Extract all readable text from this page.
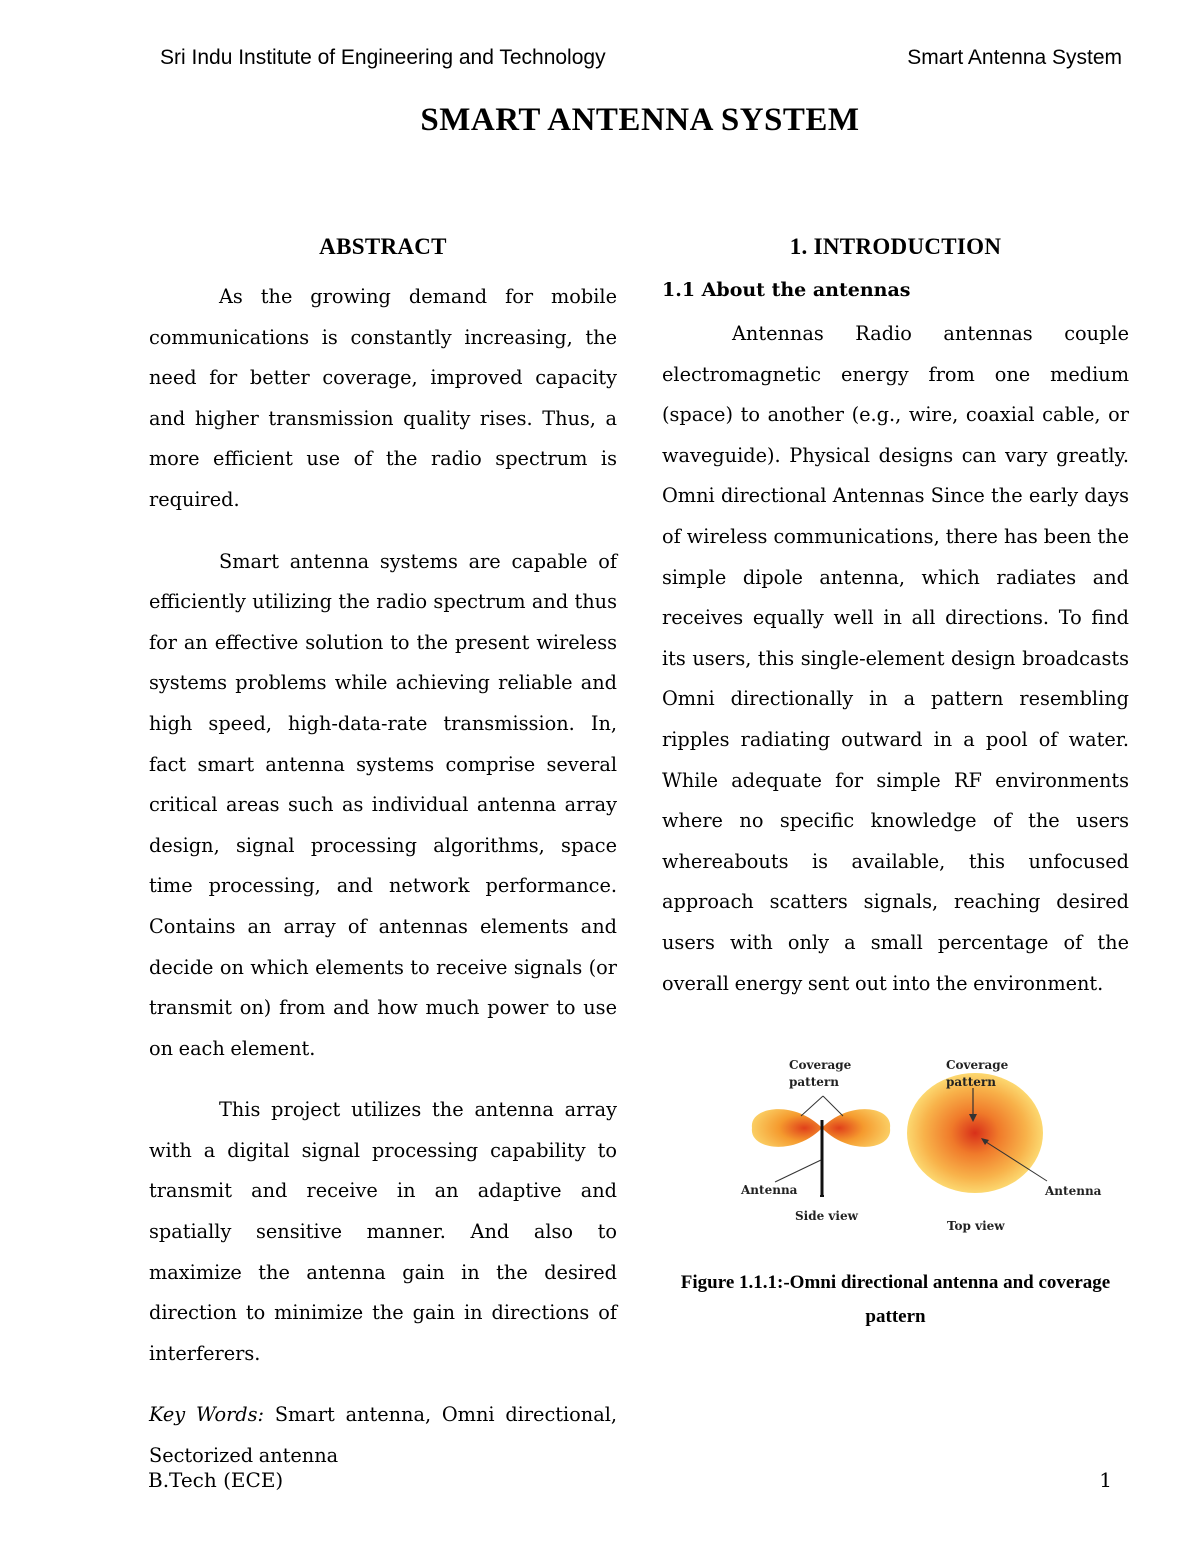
Sri Indu Institute of Engineering and Technology	Smart Antenna System
SMART ANTENNA SYSTEM
ABSTRACT

As the growing demand for mobile communications is constantly increasing, the need for better coverage, improved capacity and higher transmission quality rises. Thus, a more efficient use of the radio spectrum is required.

Smart antenna systems are capable of efficiently utilizing the radio spectrum and thus for an effective solution to the present wireless systems problems while achieving reliable and high speed, high-data-rate transmission. In, fact smart antenna systems comprise several critical areas such as individual antenna array design, signal processing algorithms, space time processing, and network performance. Contains an array of antennas elements and decide on which elements to receive signals (or transmit on) from and how much power to use on each element.

This project utilizes the antenna array with a digital signal processing capability to transmit and receive in an adaptive and spatially sensitive manner. And also to maximize the antenna gain in the desired direction to minimize the gain in directions of interferers.

Key Words: Smart antenna, Omni directional, Sectorized antenna

1. INTRODUCTION
1.1 About the antennas

Antennas Radio antennas couple electromagnetic energy from one medium (space) to another (e.g., wire, coaxial cable, or waveguide). Physical designs can vary greatly. Omni directional Antennas Since the early days of wireless communications, there has been the simple dipole antenna, which radiates and receives equally well in all directions. To find its users, this single-element design broadcasts Omni directionally in a pattern resembling ripples radiating outward in a pool of water. While adequate for simple RF environments where no specific knowledge of the users whereabouts is available, this unfocused approach scatters signals, reaching desired users with only a small percentage of the overall energy sent out into the environment.

Coverage
pattern
Antenna
Side view
Coverage
pattern
Antenna
Top view
Figure 1.1.1:-Omni directional antenna and coverage pattern
B.Tech (ECE)	1
